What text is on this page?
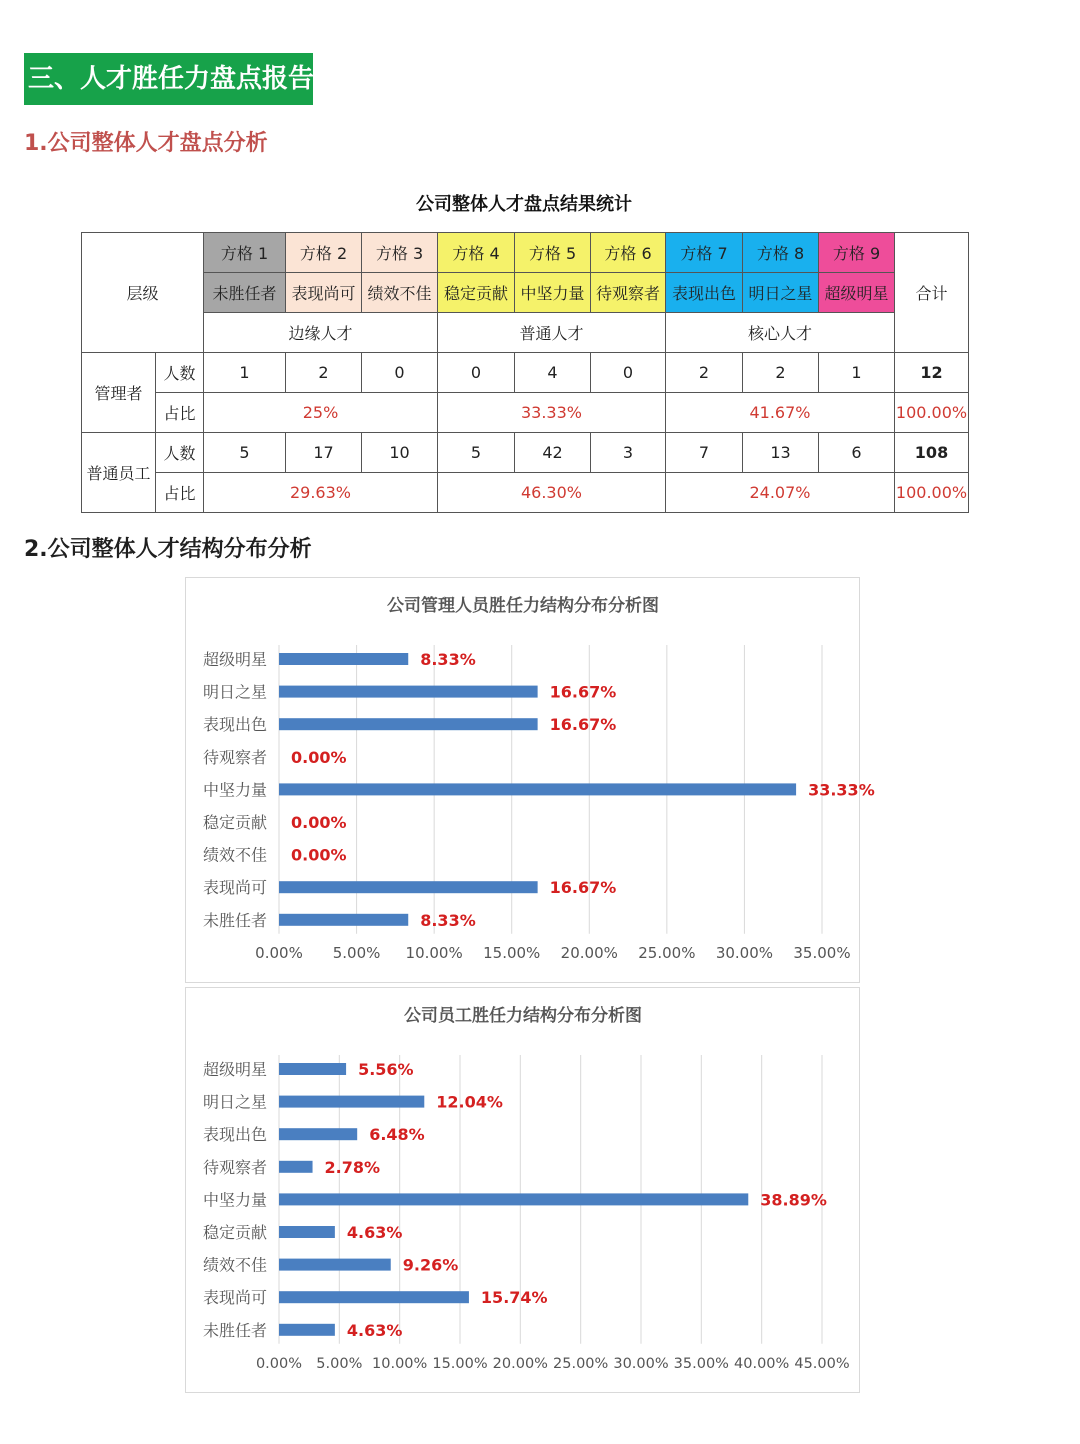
三、人才胜任力盘点报告
1.公司整体人才盘点分析
公司整体人才盘点结果统计
层级		方格 1	方格 2	方格 3	方格 4	方格 5	方格 6	方格 7	方格 8	方格 9	合计
		未胜任者	表现尚可	绩效不佳	稳定贡献	中坚力量	待观察者	表现出色	明日之星	超级明星	
		边缘人才			普通人才			核心人才			
管理者	人数	1	2	0	0	4	0	2	2	1	12
	占比	25%			33.33%			41.67%			100.00%
普通员工	人数	5	17	10	5	42	3	7	13	6	108
	占比	29.63%			46.30%			24.07%			100.00%
2.公司整体人才结构分布分析
公司管理人员胜任力结构分布分析图
0.00% 5.00% 10.00% 15.00% 20.00% 25.00% 30.00% 35.00%
超级明星	8.33%
明日之星	16.67%
表现出色	16.67%
待观察者 0.00%
中坚力量	33.33%
稳定贡献 0.00%
绩效不佳 0.00%
表现尚可	16.67%
未胜任者	8.33%
公司员工胜任力结构分布分析图
0.00% 5.00% 10.00% 15.00% 20.00% 25.00% 30.00% 35.00% 40.00% 45.00%
超级明星	5.56%
明日之星	12.04%
表现出色	6.48%
待观察者	2.78%
中坚力量	38.89%
稳定贡献	4.63%
绩效不佳	9.26%
表现尚可	15.74%
未胜任者	4.63%
